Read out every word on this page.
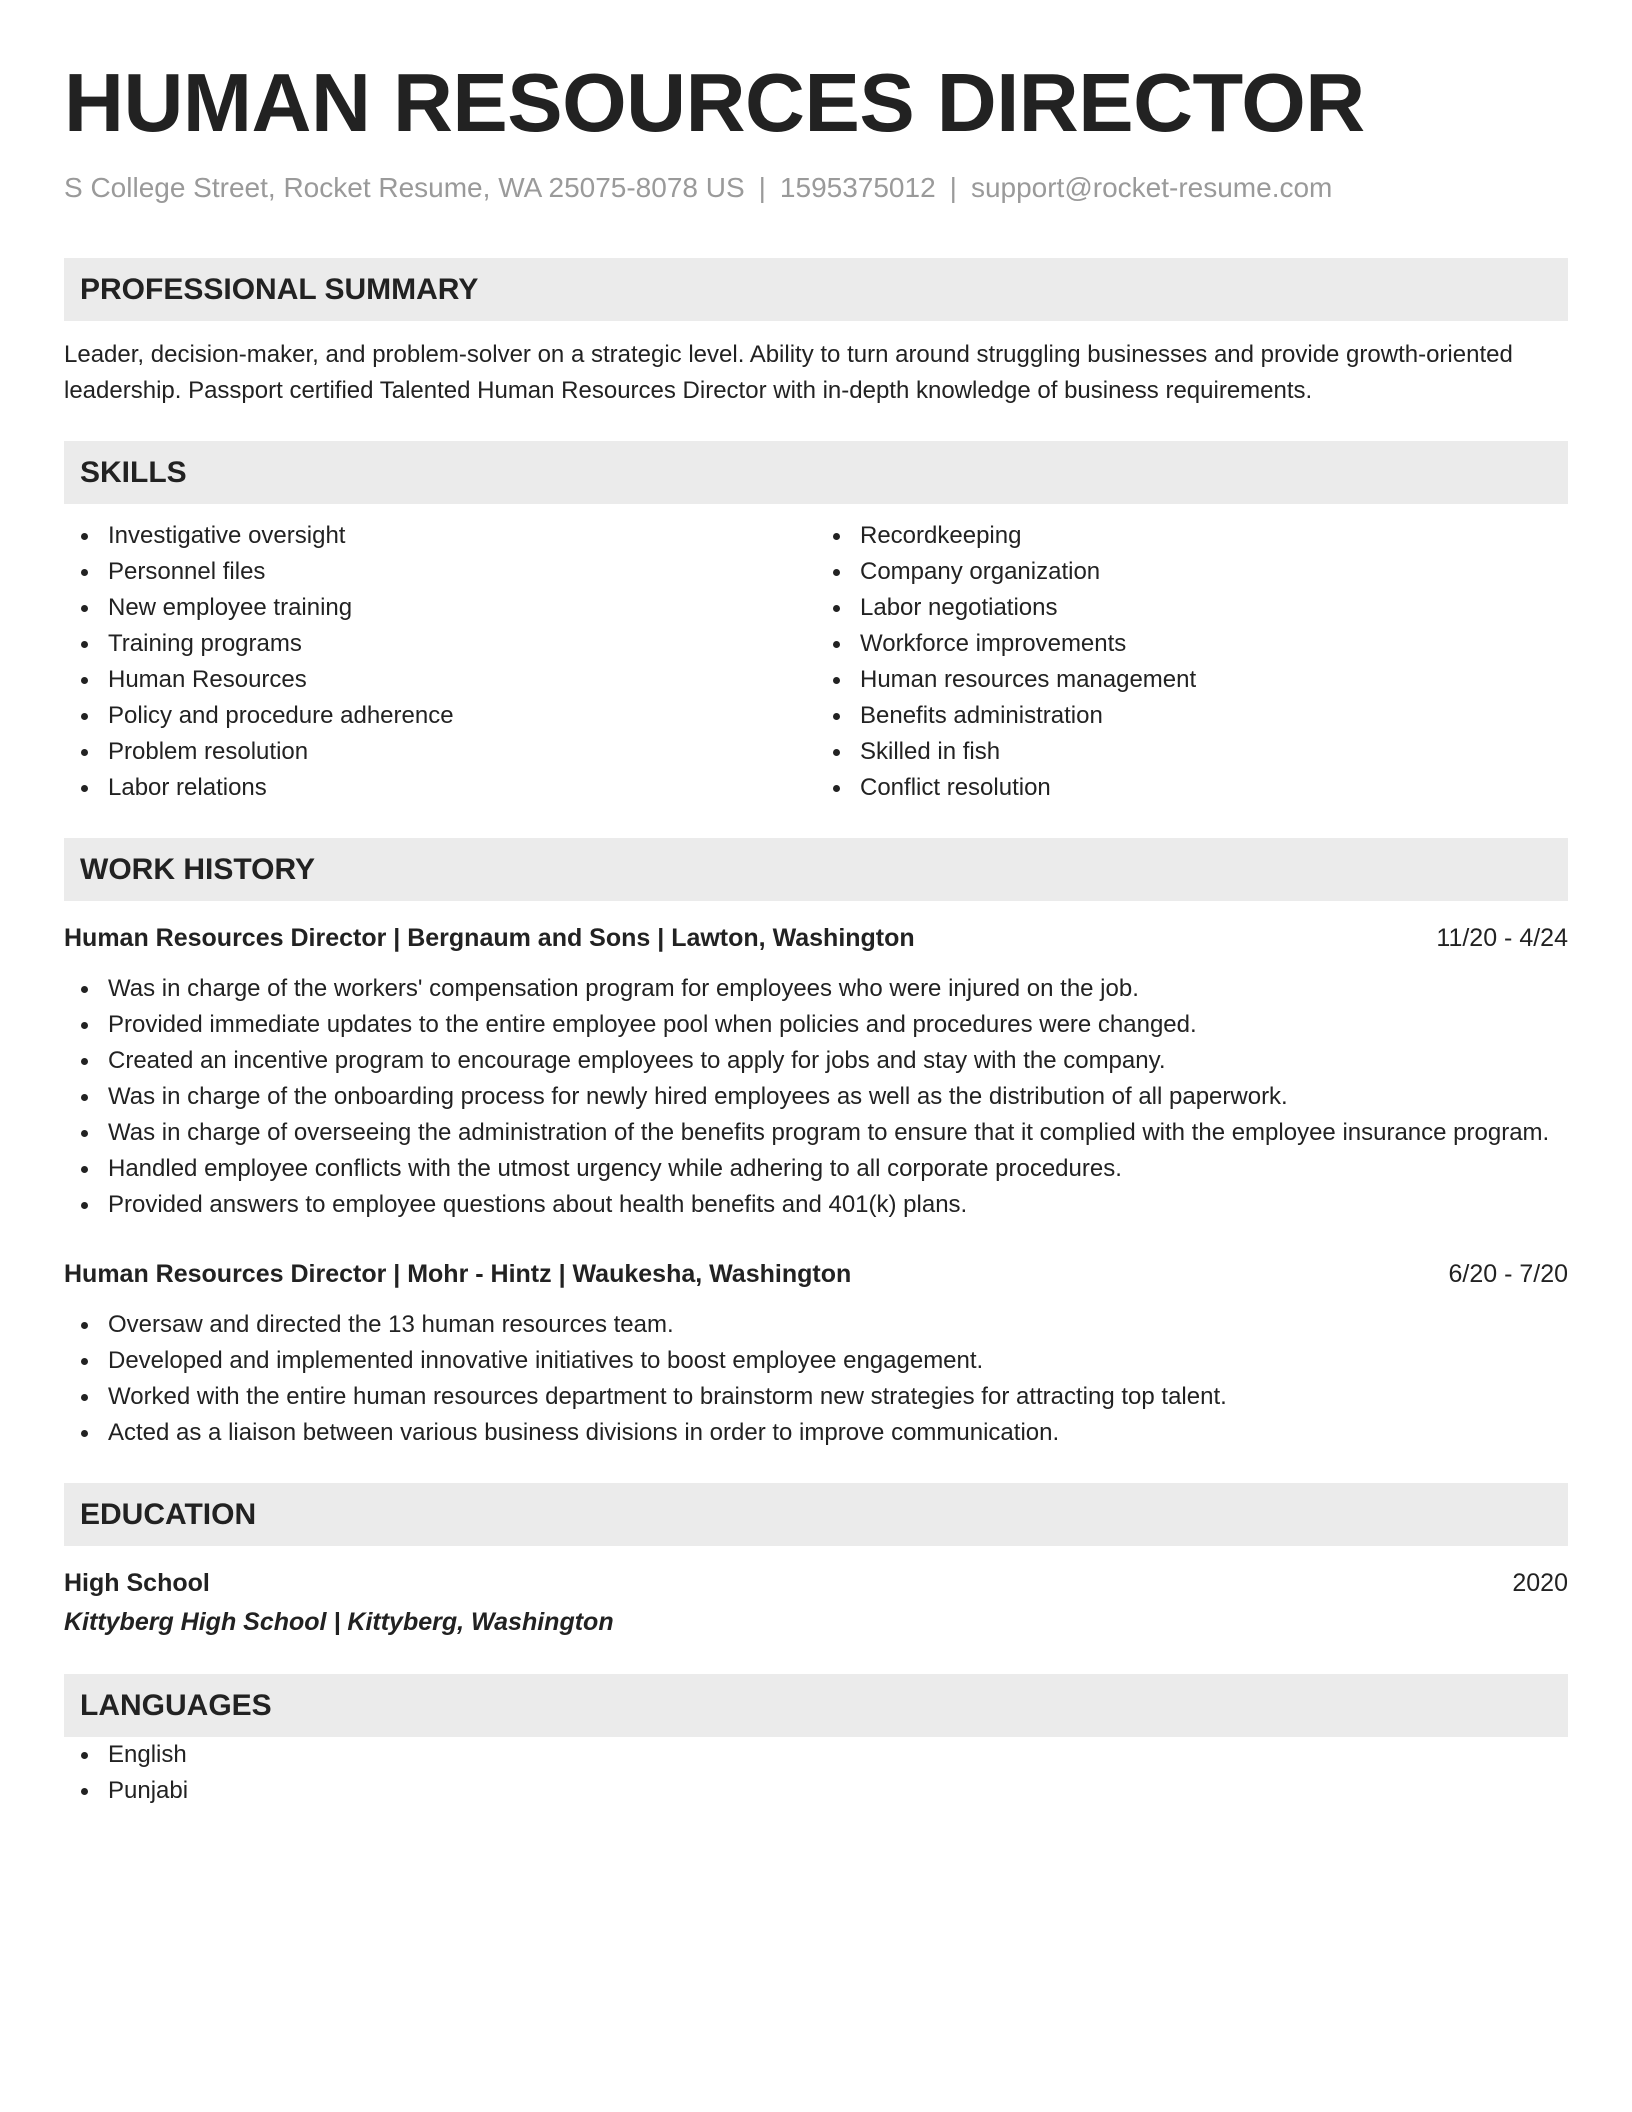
HUMAN RESOURCES DIRECTOR
S College Street, Rocket Resume, WA 25075-8078 US | 1595375012 | support@rocket-resume.com
PROFESSIONAL SUMMARY
Leader, decision-maker, and problem-solver on a strategic level. Ability to turn around struggling businesses and provide growth-oriented leadership. Passport certified Talented Human Resources Director with in-depth knowledge of business requirements.
SKILLS
Investigative oversight
Personnel files
New employee training
Training programs
Human Resources
Policy and procedure adherence
Problem resolution
Labor relations
Recordkeeping
Company organization
Labor negotiations
Workforce improvements
Human resources management
Benefits administration
Skilled in fish
Conflict resolution
WORK HISTORY
Human Resources Director | Bergnaum and Sons | Lawton, Washington	11/20 - 4/24
Was in charge of the workers' compensation program for employees who were injured on the job.
Provided immediate updates to the entire employee pool when policies and procedures were changed.
Created an incentive program to encourage employees to apply for jobs and stay with the company.
Was in charge of the onboarding process for newly hired employees as well as the distribution of all paperwork.
Was in charge of overseeing the administration of the benefits program to ensure that it complied with the employee insurance program.
Handled employee conflicts with the utmost urgency while adhering to all corporate procedures.
Provided answers to employee questions about health benefits and 401(k) plans.
Human Resources Director | Mohr - Hintz | Waukesha, Washington	6/20 - 7/20
Oversaw and directed the 13 human resources team.
Developed and implemented innovative initiatives to boost employee engagement.
Worked with the entire human resources department to brainstorm new strategies for attracting top talent.
Acted as a liaison between various business divisions in order to improve communication.
EDUCATION
High School	2020
Kittyberg High School | Kittyberg, Washington
LANGUAGES
English
Punjabi
